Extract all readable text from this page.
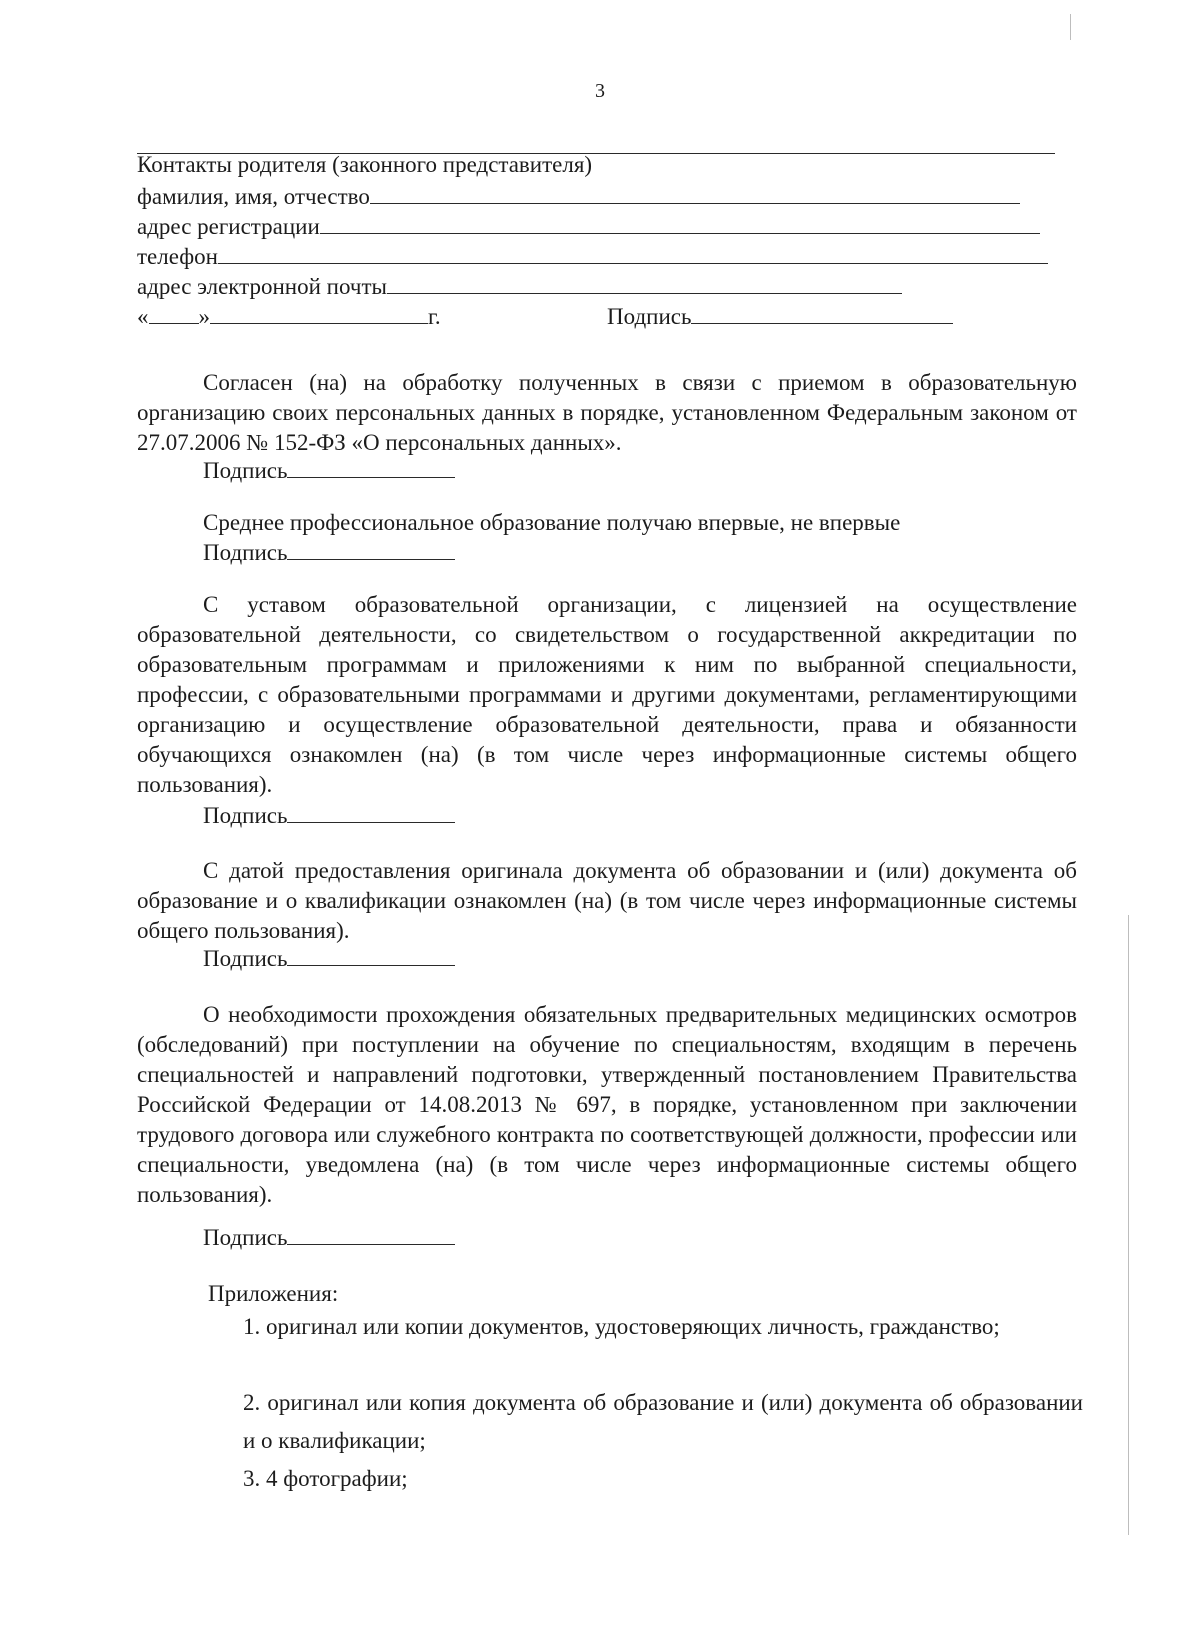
3
Контакты родителя (законного представителя)
фамилия, имя, отчество
адрес регистрации
телефон
адрес электронной почты
« »	г.	Подпись

Согласен (на) на обработку полученных в связи с приемом в образовательную организацию своих персональных данных в порядке, установленном Федеральным законом от 27.07.2006 № 152-ФЗ «О персональных данных».

Подпись

Среднее профессиональное образование получаю впервые, не впервые

Подпись

С уставом образовательной организации, с лицензией на осуществление образовательной деятельности, со свидетельством о государственной аккредитации по образовательным программам и приложениями к ним по выбранной специальности, профессии, с образовательными программами и другими документами, регламентирующими организацию и осуществление образовательной деятельности, права и обязанности обучающихся ознакомлен (на) (в том числе через информационные системы общего пользования).

Подпись

С датой предоставления оригинала документа об образовании и (или) документа об образование и о квалификации ознакомлен (на) (в том числе через информационные системы общего пользования).

Подпись

О необходимости прохождения обязательных предварительных медицинских осмотров (обследований) при поступлении на обучение по специальностям, входящим в перечень специальностей и направлений подготовки, утвержденный постановлением Правительства Российской Федерации от 14.08.2013 № 697, в порядке, установленном при заключении трудового договора или служебного контракта по соответствующей должности, профессии или специальности, уведомлена (на) (в том числе через информационные системы общего пользования).

Подпись
Приложения:

1. оригинал или копии документов, удостоверяющих личность, гражданство;

2. оригинал или копия документа об образование и (или) документа об образовании и о квалификации;

3. 4 фотографии;
